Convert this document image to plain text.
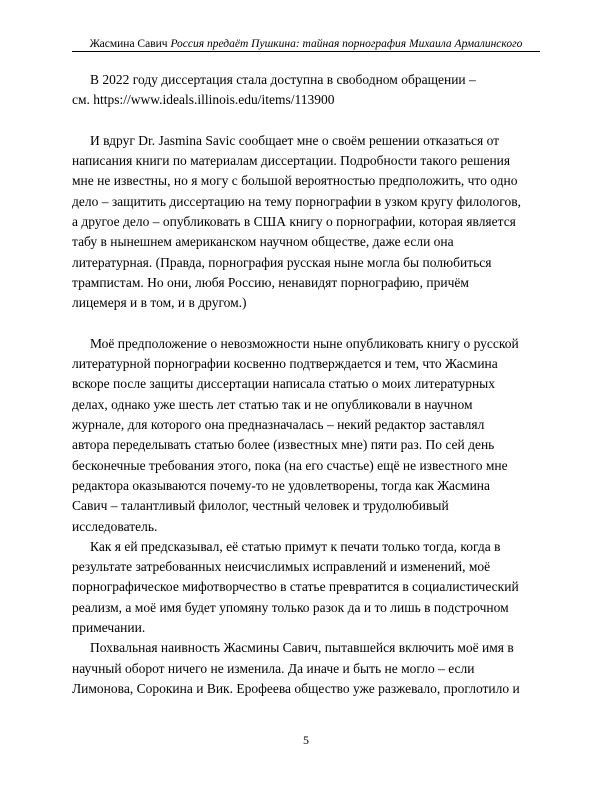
Жасмина Савич Россия предаёт Пушкина: тайная порнография Михаила Армалинского
В 2022 году диссертация стала доступна в свободном обращении –
см. https://www.ideals.illinois.edu/items/113900
И вдруг Dr. Jasmina Savic сообщает мне о своём решении отказаться от
написания книги по материалам диссертации. Подробности такого решения
мне не известны, но я могу с большой вероятностью предположить, что одно
дело – защитить диссертацию на тему порнографии в узком кругу филологов,
а другое дело – опубликовать в США книгу о порнографии, которая является
табу в нынешнем американском научном обществе, даже если она
литературная. (Правда, порнография русская ныне могла бы полюбиться
трампистам. Но они, любя Россию, ненавидят порнографию, причём
лицемеря и в том, и в другом.)
Моё предположение о невозможности ныне опубликовать книгу о русской
литературной порнографии косвенно подтверждается и тем, что Жасмина
вскоре после защиты диссертации написала статью о моих литературных
делах, однако уже шесть лет статью так и не опубликовали в научном
журнале, для которого она предназначалась – некий редактор заставлял
автора переделывать статью более (известных мне) пяти раз. По сей день
бесконечные требования этого, пока (на его счастье) ещё не известного мне
редактора оказываются почему-то не удовлетворены, тогда как Жасмина
Савич – талантливый филолог, честный человек и трудолюбивый
исследователь.
Как я ей предсказывал, её статью примут к печати только тогда, когда в
результате затребованных неисчислимых исправлений и изменений, моё
порнографическое мифотворчество в статье превратится в социалистический
реализм, а моё имя будет упомяну только разок да и то лишь в подстрочном
примечании.
Похвальная наивность Жасмины Савич, пытавшейся включить моё имя в
научный оборот ничего не изменила. Да иначе и быть не могло – если
Лимонова, Сорокина и Вик. Ерофеева общество уже разжевало, проглотило и
5
